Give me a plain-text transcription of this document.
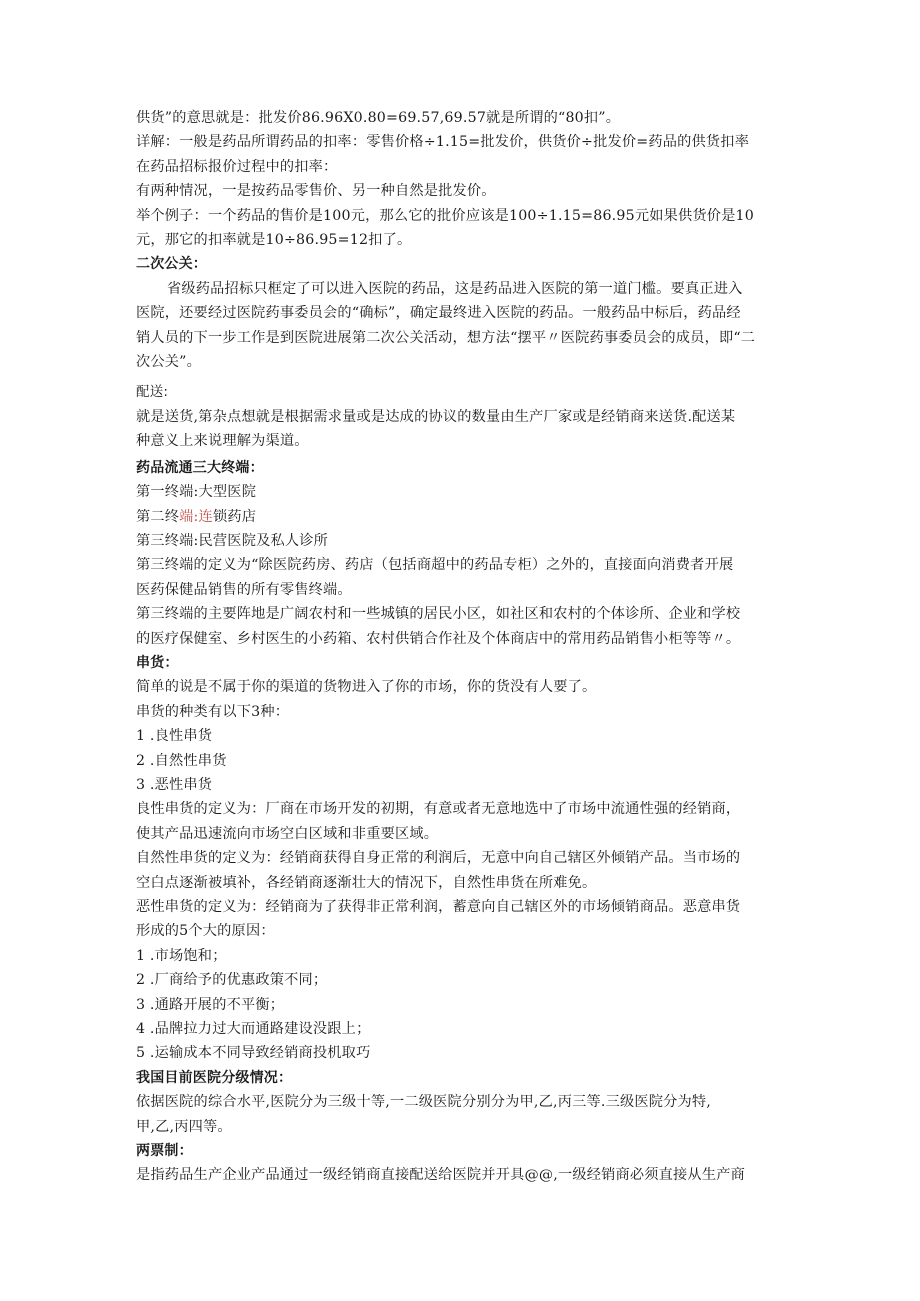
供货”的意思就是：批发价86.96X0.80=69.57,69.57就是所谓的“80扣”。
详解：一般是药品所谓药品的扣率：零售价格÷1.15=批发价，供货价÷批发价=药品的供货扣率
在药品招标报价过程中的扣率：
有两种情况，一是按药品零售价、另一种自然是批发价。
举个例子：一个药品的售价是100元，那么它的批价应该是100÷1.15=86.95元如果供货价是10
元，那它的扣率就是10÷86.95=12扣了。
二次公关：
省级药品招标只框定了可以进入医院的药品，这是药品进入医院的第一道门槛。要真正进入
医院，还要经过医院药事委员会的“确标”，确定最终进入医院的药品。一般药品中标后，药品经
销人员的下一步工作是到医院进展第二次公关活动，想方法“摆平〃医院药事委员会的成员，即“二
次公关”。
配送:
就是送货,第杂点想就是根据需求量或是达成的协议的数量由生产厂家或是经销商来送货.配送某
种意义上来说理解为渠道。
药品流通三大终端：
第一终端:大型医院
第二终端:连锁药店
第三终端:民营医院及私人诊所
第三终端的定义为“除医院药房、药店（包括商超中的药品专柜）之外的，直接面向消费者开展
医药保健品销售的所有零售终端。
第三终端的主要阵地是广阔农村和一些城镇的居民小区，如社区和农村的个体诊所、企业和学校
的医疗保健室、乡村医生的小药箱、农村供销合作社及个体商店中的常用药品销售小柜等等〃。
串货：
简单的说是不属于你的渠道的货物进入了你的市场，你的货没有人要了。
串货的种类有以下3种：
1 .良性串货
2 .自然性串货
3 .恶性串货
良性串货的定义为：厂商在市场开发的初期，有意或者无意地选中了市场中流通性强的经销商，
使其产品迅速流向市场空白区域和非重要区域。
自然性串货的定义为：经销商获得自身正常的利润后，无意中向自己辖区外倾销产品。当市场的
空白点逐渐被填补，各经销商逐渐壮大的情况下，自然性串货在所难免。
恶性串货的定义为：经销商为了获得非正常利润，蓄意向自己辖区外的市场倾销商品。恶意串货
形成的5个大的原因：
1 .市场饱和；
2 .厂商给予的优惠政策不同；
3 .通路开展的不平衡；
4 .品牌拉力过大而通路建设没跟上；
5 .运输成本不同导致经销商投机取巧
我国目前医院分级情况：
依据医院的综合水平,医院分为三级十等,一二级医院分别分为甲,乙,丙三等.三级医院分为特,
甲,乙,丙四等。
两票制：
是指药品生产企业产品通过一级经销商直接配送给医院并开具@@,一级经销商必须直接从生产商
